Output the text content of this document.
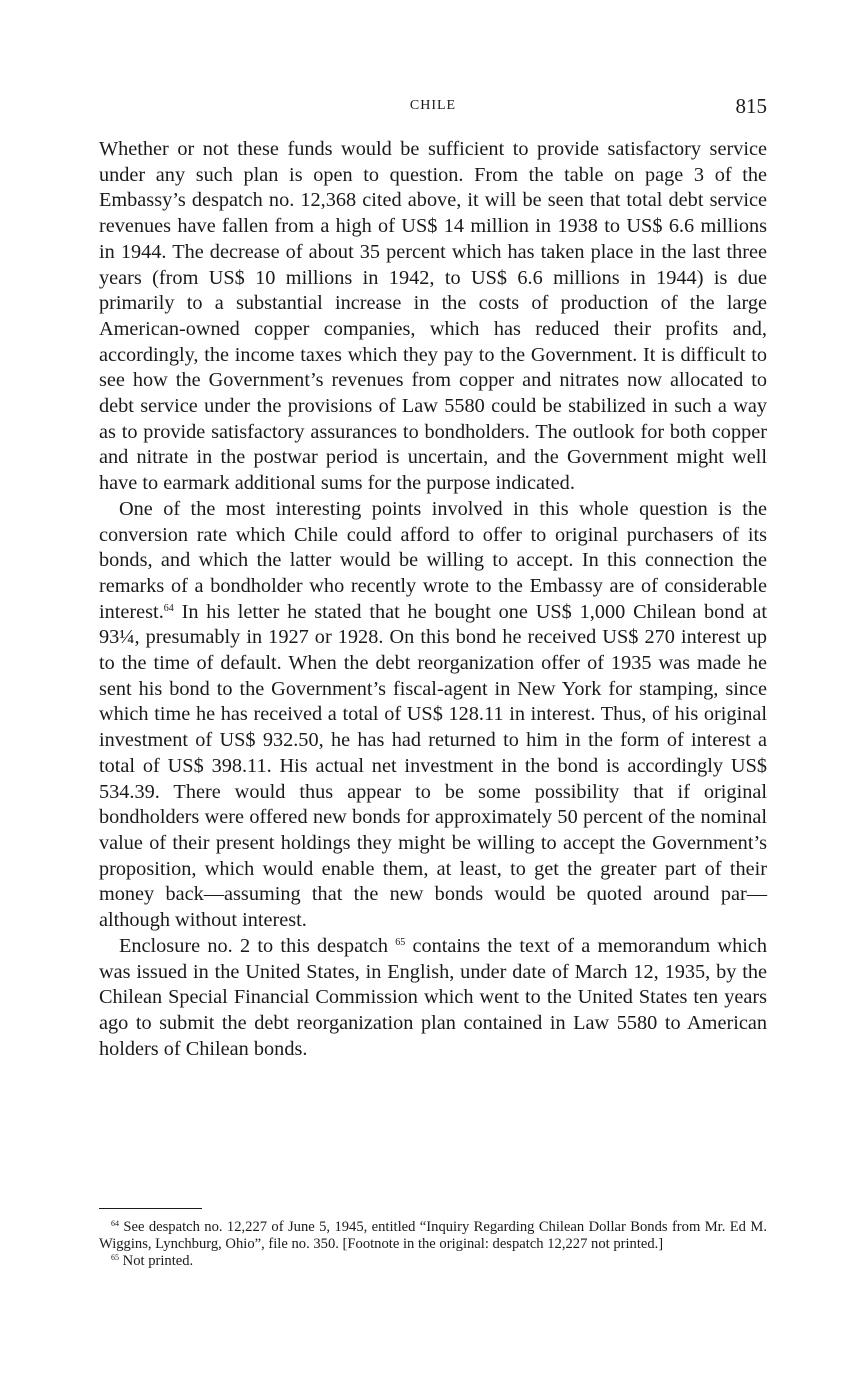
CHILE	815

Whether or not these funds would be sufficient to provide satisfactory service under any such plan is open to question. From the table on page 3 of the Embassy’s despatch no. 12,368 cited above, it will be seen that total debt service revenues have fallen from a high of US$ 14 million in 1938 to US$ 6.6 millions in 1944. The decrease of about 35 percent which has taken place in the last three years (from US$ 10 millions in 1942, to US$ 6.6 millions in 1944) is due primarily to a substantial increase in the costs of production of the large American-owned copper companies, which has reduced their profits and, accordingly, the income taxes which they pay to the Government. It is difficult to see how the Government’s revenues from copper and nitrates now allocated to debt service under the provisions of Law 5580 could be stabilized in such a way as to provide satisfactory assurances to bondholders. The outlook for both copper and nitrate in the postwar period is uncertain, and the Government might well have to earmark additional sums for the purpose indicated.

One of the most interesting points involved in this whole question is the conversion rate which Chile could afford to offer to original purchasers of its bonds, and which the latter would be willing to accept. In this connection the remarks of a bondholder who recently wrote to the Embassy are of considerable interest.$^{64}$ In his letter he stated that he bought one US$ 1,000 Chilean bond at 93¼, presumably in 1927 or 1928. On this bond he received US$ 270 interest up to the time of default. When the debt reorganization offer of 1935 was made he sent his bond to the Government’s fiscal-agent in New York for stamping, since which time he has received a total of US$ 128.11 in interest. Thus, of his original investment of US$ 932.50, he has had returned to him in the form of interest a total of US$ 398.11. His actual net investment in the bond is accordingly US$ 534.39. There would thus appear to be some possibility that if original bondholders were offered new bonds for approximately 50 percent of the nominal value of their present holdings they might be willing to accept the Government’s proposition, which would enable them, at least, to get the greater part of their money back—assuming that the new bonds would be quoted around par—although without interest.

Enclosure no. 2 to this despatch $^{65}$ contains the text of a memorandum which was issued in the United States, in English, under date of March 12, 1935, by the Chilean Special Financial Commission which went to the United States ten years ago to submit the debt reorganization plan contained in Law 5580 to American holders of Chilean bonds.

$^{64}$ See despatch no. 12,227 of June 5, 1945, entitled “Inquiry Regarding Chilean Dollar Bonds from Mr. Ed M. Wiggins, Lynchburg, Ohio”, file no. 350. [Footnote in the original: despatch 12,227 not printed.]

$^{65}$ Not printed.
